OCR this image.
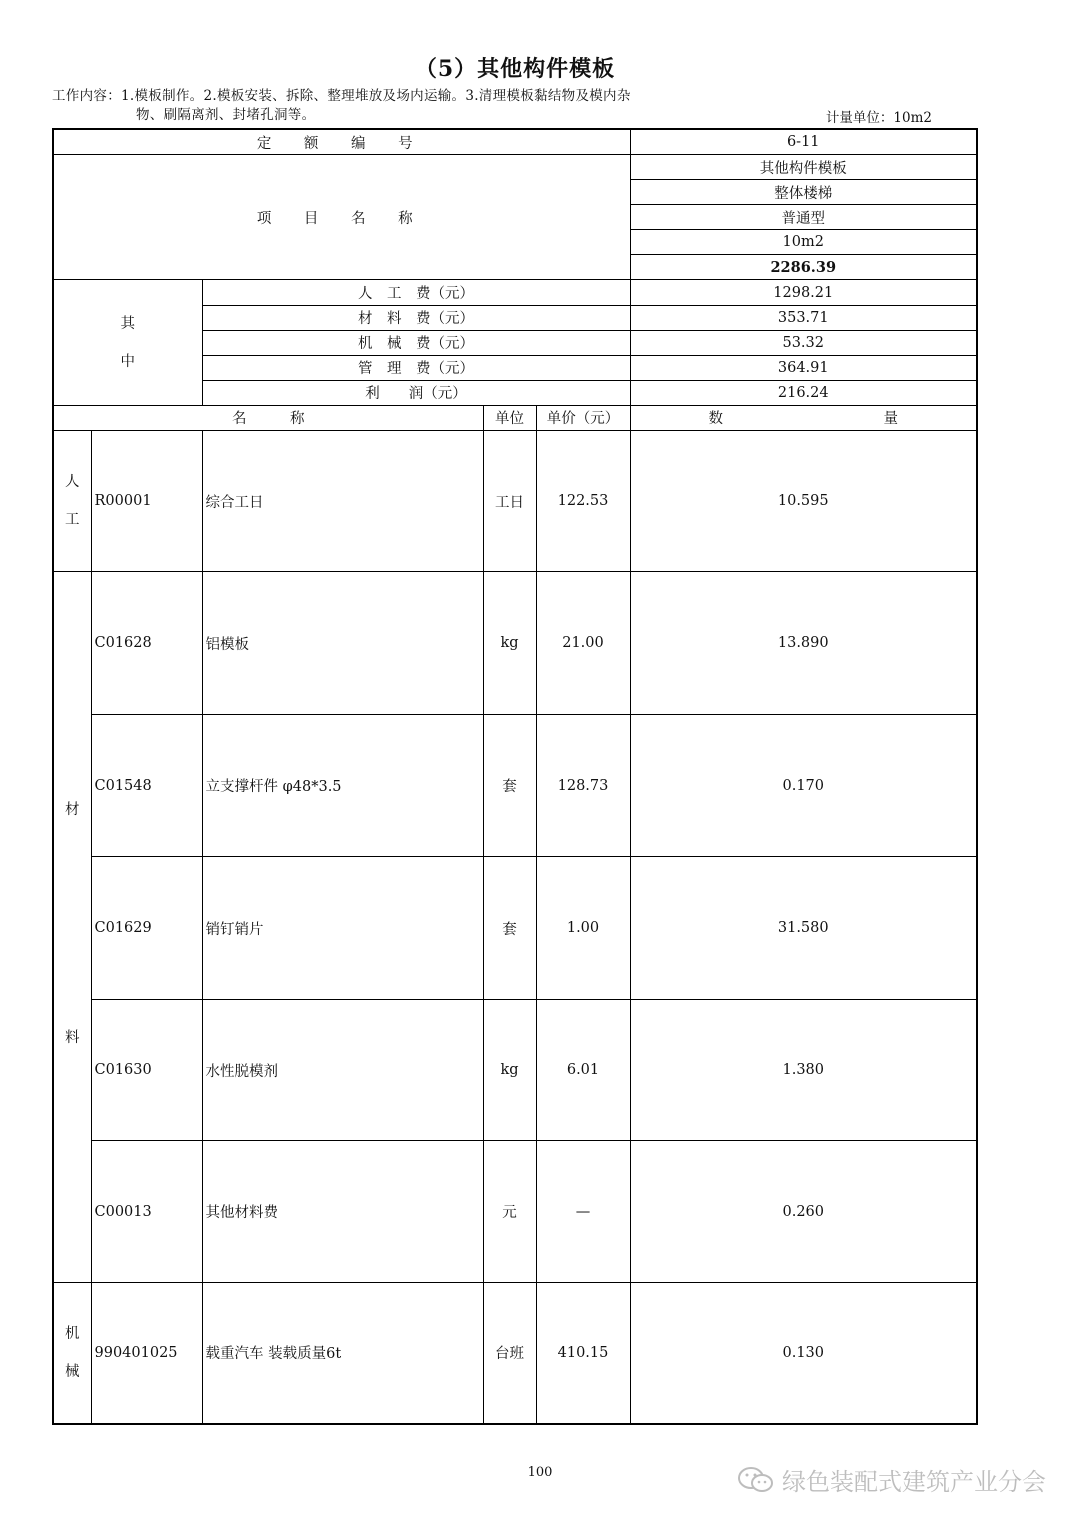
（5）其他构件模板
工作内容：1.模板制作。2.模板安装、拆除、整理堆放及场内运输。3.清理模板黏结物及模内杂
物、刷隔离剂、封堵孔洞等。	计量单位：10m2
定 额 编 号					6-11
项 目 名 称					其他构件模板
					整体楼梯
					普通型
					10m2
					2286.39

其
中		人　工　费（元）			1298.21
		材　料　费（元）			353.71
		机　械　费（元）			53.32
		管　理　费（元）			364.91
		利　　润（元）			216.24
名　　　称			单位	单价（元）	数 量

人
工	R00001	综合工日	工日	122.53	10.595

材
料	C01628	铝模板	kg	21.00	13.890
	C01548	立支撑杆件 φ48*3.5	套	128.73	0.170
	C01629	销钉销片	套	1.00	31.580
	C01630	水性脱模剂	kg	6.01	1.380
	C00013	其他材料费	元	—	0.260

机
械	990401025	载重汽车 装载质量6t	台班	410.15	0.130
100	绿色装配式建筑产业分会
